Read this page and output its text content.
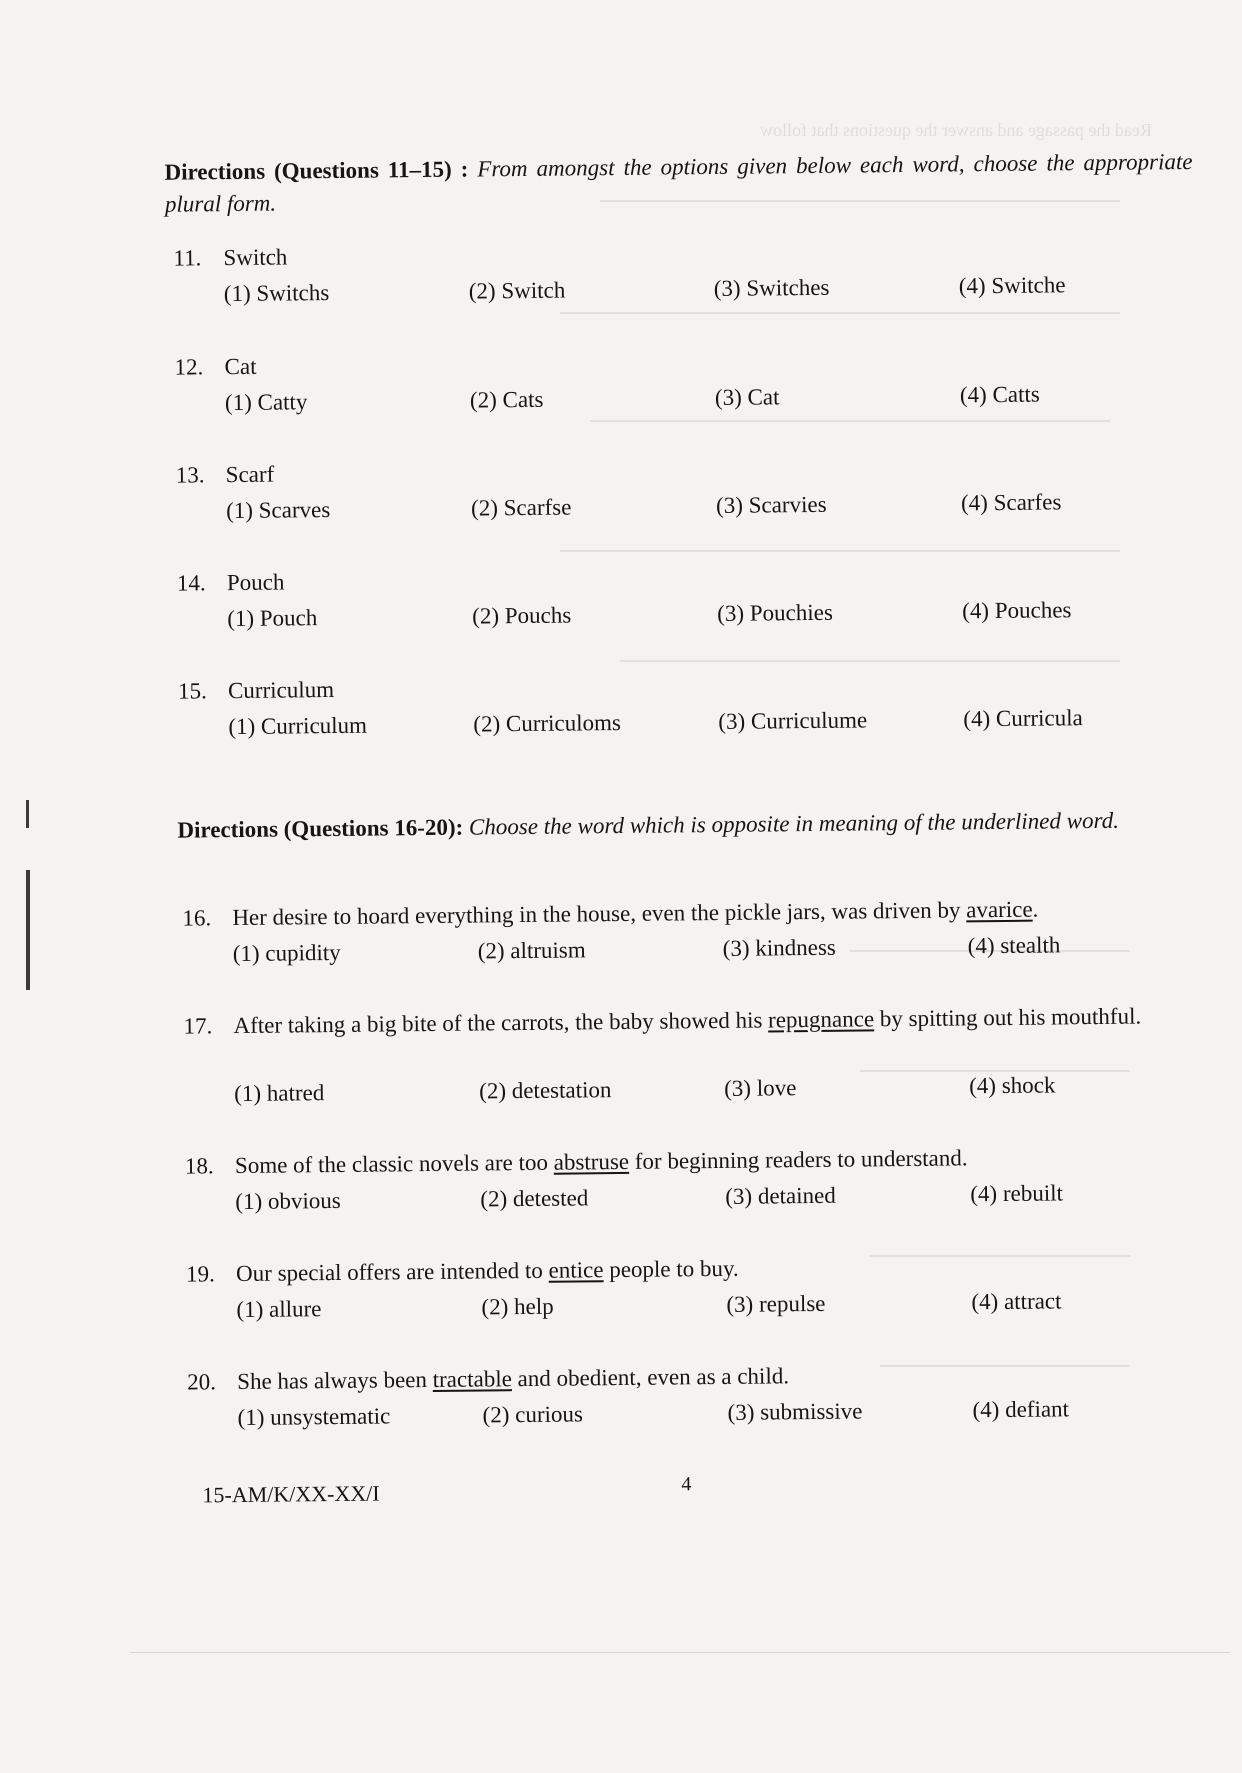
Read the passage and answer the questions that follow
Directions (Questions 11–15) : From amongst the options given below each word, choose the appropriate plural form.
11. Switch
(1) Switchs	(2) Switch	(3) Switches	(4) Switche
12. Cat
(1) Catty	(2) Cats	(3) Cat	(4) Catts
13. Scarf
(1) Scarves	(2) Scarfse	(3) Scarvies	(4) Scarfes
14. Pouch
(1) Pouch	(2) Pouchs	(3) Pouchies	(4) Pouches
15. Curriculum
(1) Curriculum	(2) Curriculoms	(3) Curriculume	(4) Curricula
Directions (Questions 16-20): Choose the word which is opposite in meaning of the underlined word.
16. Her desire to hoard everything in the house, even the pickle jars, was driven by avarice.
(1) cupidity	(2) altruism	(3) kindness	(4) stealth
17. After taking a big bite of the carrots, the baby showed his repugnance by spitting out his mouthful.
(1) hatred	(2) detestation	(3) love	(4) shock
18. Some of the classic novels are too abstruse for beginning readers to understand.
(1) obvious	(2) detested	(3) detained	(4) rebuilt
19. Our special offers are intended to entice people to buy.
(1) allure	(2) help	(3) repulse	(4) attract
20. She has always been tractable and obedient, even as a child.
(1) unsystematic	(2) curious	(3) submissive	(4) defiant
15-AM/K/XX-XX/I	4
